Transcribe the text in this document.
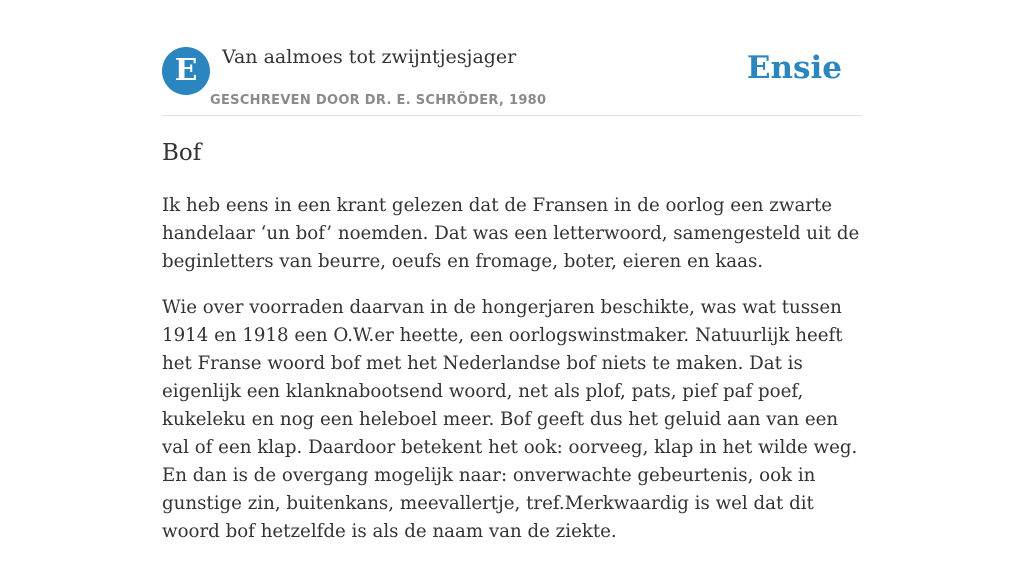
E	Van aalmoes tot zwijntjesjager
GESCHREVEN DOOR DR. E. SCHRÖDER, 1980
Ensie
Bof

Ik heb eens in een krant gelezen dat de Fransen in de oorlog een zwarte handelaar ‘un bof’ noemden. Dat was een letterwoord, samengesteld uit de beginletters van beurre, oeufs en fromage, boter, eieren en kaas.

Wie over voorraden daarvan in de hongerjaren beschikte, was wat tussen 1914 en 1918 een O.W.er heette, een oorlogswinstmaker. Natuurlijk heeft het Franse woord bof met het Nederlandse bof niets te maken. Dat is eigenlijk een klanknabootsend woord, net als plof, pats, pief paf poef, kukeleku en nog een heleboel meer. Bof geeft dus het geluid aan van een val of een klap. Daardoor betekent het ook: oorveeg, klap in het wilde weg. En dan is de overgang mogelijk naar: onverwachte gebeurtenis, ook in gunstige zin, buitenkans, meevallertje, tref.Merkwaardig is wel dat dit woord bof hetzelfde is als de naam van de ziekte.
